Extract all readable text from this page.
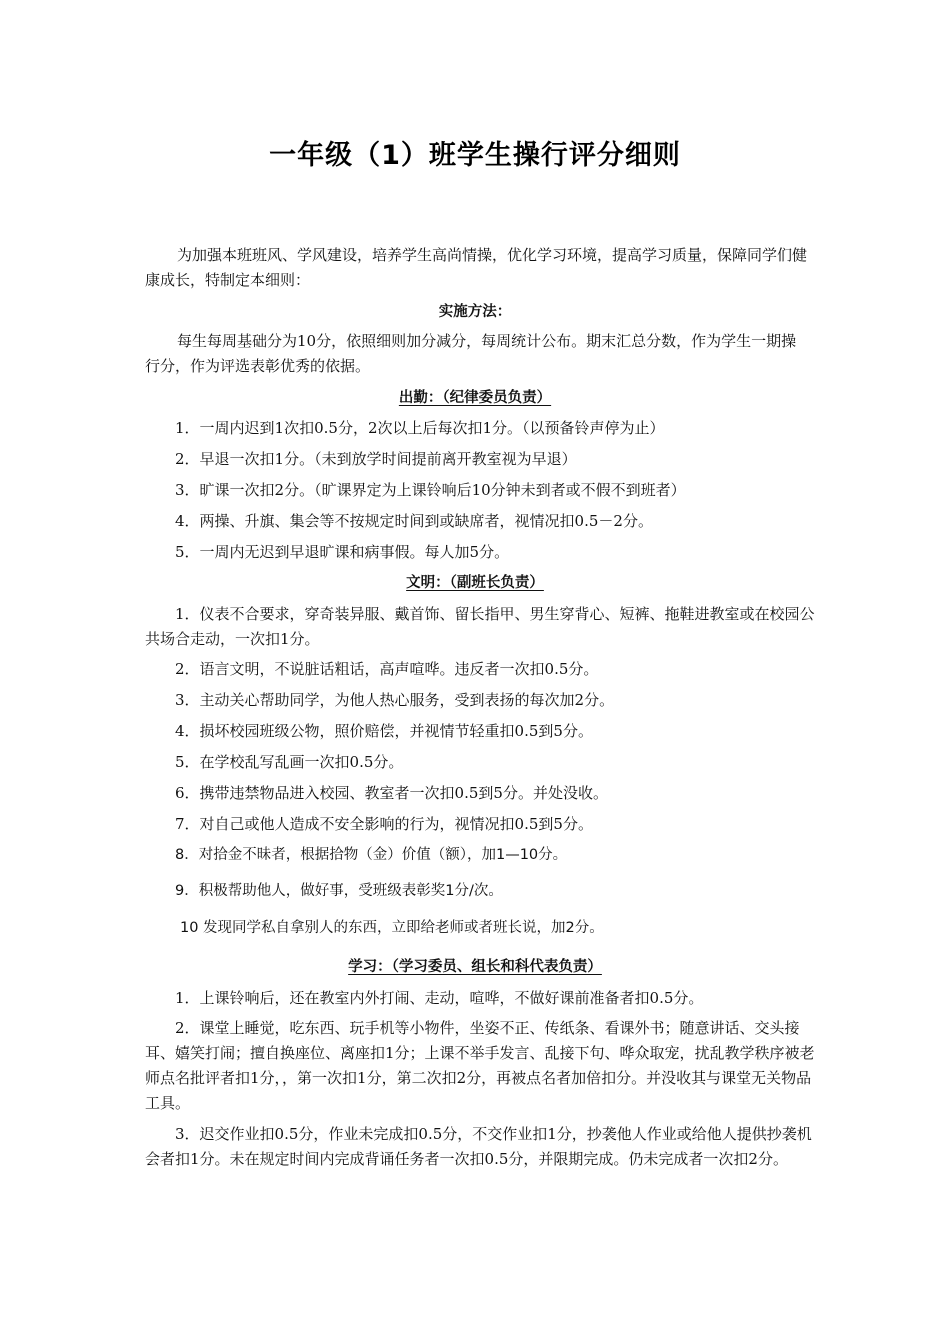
一年级（1）班学生操行评分细则

为加强本班班风、学风建设，培养学生高尚情操，优化学习环境，提高学习质量，保障同学们健康成长，特制定本细则：

实施方法：

每生每周基础分为10分，依照细则加分减分，每周统计公布。期末汇总分数，作为学生一期操行分，作为评选表彰优秀的依据。

出勤：（纪律委员负责）

1．一周内迟到1次扣0.5分，2次以上后每次扣1分。（以预备铃声停为止）

2．早退一次扣1分。（未到放学时间提前离开教室视为早退）

3．旷课一次扣2分。（旷课界定为上课铃响后10分钟未到者或不假不到班者）

4．两操、升旗、集会等不按规定时间到或缺席者，视情况扣0.5－2分。

5．一周内无迟到早退旷课和病事假。每人加5分。

文明：（副班长负责）

1．仪表不合要求，穿奇装异服、戴首饰、留长指甲、男生穿背心、短裤、拖鞋进教室或在校园公共场合走动，一次扣1分。

2．语言文明，不说脏话粗话，高声喧哗。违反者一次扣0.5分。

3．主动关心帮助同学，为他人热心服务，受到表扬的每次加2分。

4．损坏校园班级公物，照价赔偿，并视情节轻重扣0.5到5分。

5．在学校乱写乱画一次扣0.5分。

6．携带违禁物品进入校园、教室者一次扣0.5到5分。并处没收。

7．对自己或他人造成不安全影响的行为，视情况扣0.5到5分。

8．对拾金不昧者，根据拾物（金）价值（额），加1—10分。

9．积极帮助他人，做好事，受班级表彰奖1分/次。

10 发现同学私自拿别人的东西，立即给老师或者班长说，加2分。

学习：（学习委员、组长和科代表负责）

1．上课铃响后，还在教室内外打闹、走动，喧哗，不做好课前准备者扣0.5分。

2．课堂上睡觉，吃东西、玩手机等小物件，坐姿不正、传纸条、看课外书；随意讲话、交头接耳、嬉笑打闹；擅自换座位、离座扣1分；上课不举手发言、乱接下句、哗众取宠，扰乱教学秩序被老师点名批评者扣1分，，第一次扣1分，第二次扣2分，再被点名者加倍扣分。并没收其与课堂无关物品工具。

3．迟交作业扣0.5分，作业未完成扣0.5分，不交作业扣1分，抄袭他人作业或给他人提供抄袭机会者扣1分。未在规定时间内完成背诵任务者一次扣0.5分，并限期完成。仍未完成者一次扣2分。
